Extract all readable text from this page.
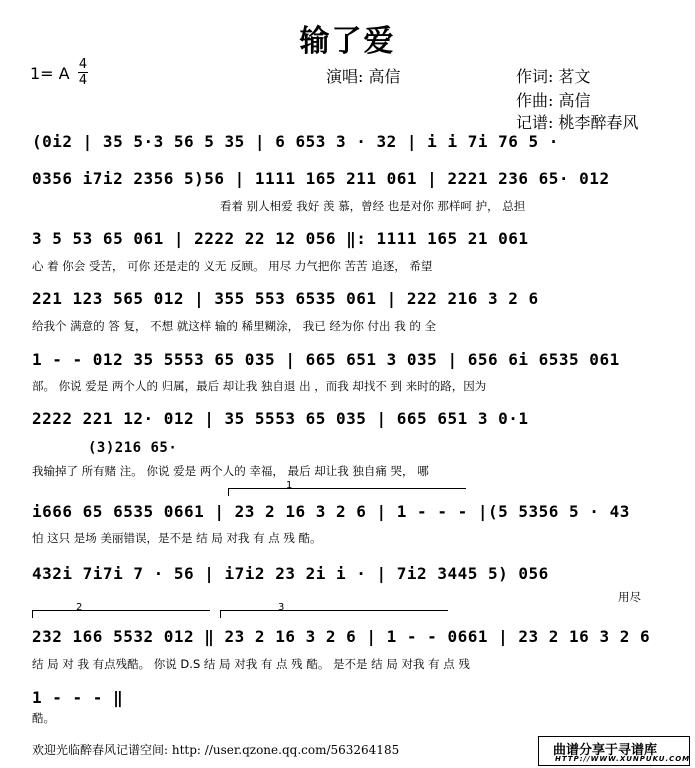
输了爱
1= A 4
4	演唱: 高信	作词: 茗文
作曲: 高信
记谱: 桃李醉春风
(0i2 | 35 5·3 56 5 35 | 6 653 3 · 32 | i i 7i 76 5 ·
0356 i7i2 2356 5)56 | 1111 165 211 061 | 2221 236 65· 012
看着 别人相爱 我好 羡 慕，曾经 也是对你 那样呵 护， 总担
3 5 53 65 061 | 2222 22 12 056 ‖: 1111 165 21 061
心 着 你会 受苦， 可你 还是走的 义无 反顾。 用尽 力气把你 苦苦 追逐， 希望
221 123 565 012 | 355 553 6535 061 | 222 216 3 2 6
给我个 满意的 答 复， 不想 就这样 输的 稀里糊涂， 我已 经为你 付出 我 的 全
1 - - 012 35 5553 65 035 | 665 651 3 035 | 656 6i 6535 061
部。 你说 爱是 两个人的 归属，最后 却让我 独自退 出 ，而我 却找不 到 来时的路，因为
2222 221 12· 012 | 35 5553 65 035 | 665 651 3 0·1
(3)216 65·
我输掉了 所有赌 注。 你说 爱是 两个人的 幸福， 最后 却让我 独自痛 哭， 哪
1
i666 65 6535 0661 | 23 2 16 3 2 6 | 1 - - - |(5 5356 5 · 43
怕 这只 是场 美丽错误，是不是 结 局 对我 有 点 残 酷。
432i 7i7i 7 · 56 | i7i2 23 2i i · | 7i2 3445 5) 056
用尽
2	3
232 166 5532 012 ‖ 23 2 16 3 2 6 | 1 - - 0661 | 23 2 16 3 2 6
结 局 对 我 有点残酷。 你说 D.S 结 局 对我 有 点 残 酷。 是不是 结 局 对我 有 点 残
1 - - - ‖
酷。
欢迎光临醉春风记谱空间: http: //user.qzone.qq.com/563264185	曲谱分享于寻谱库
HTTP://WWW.XUNPUKU.COM
